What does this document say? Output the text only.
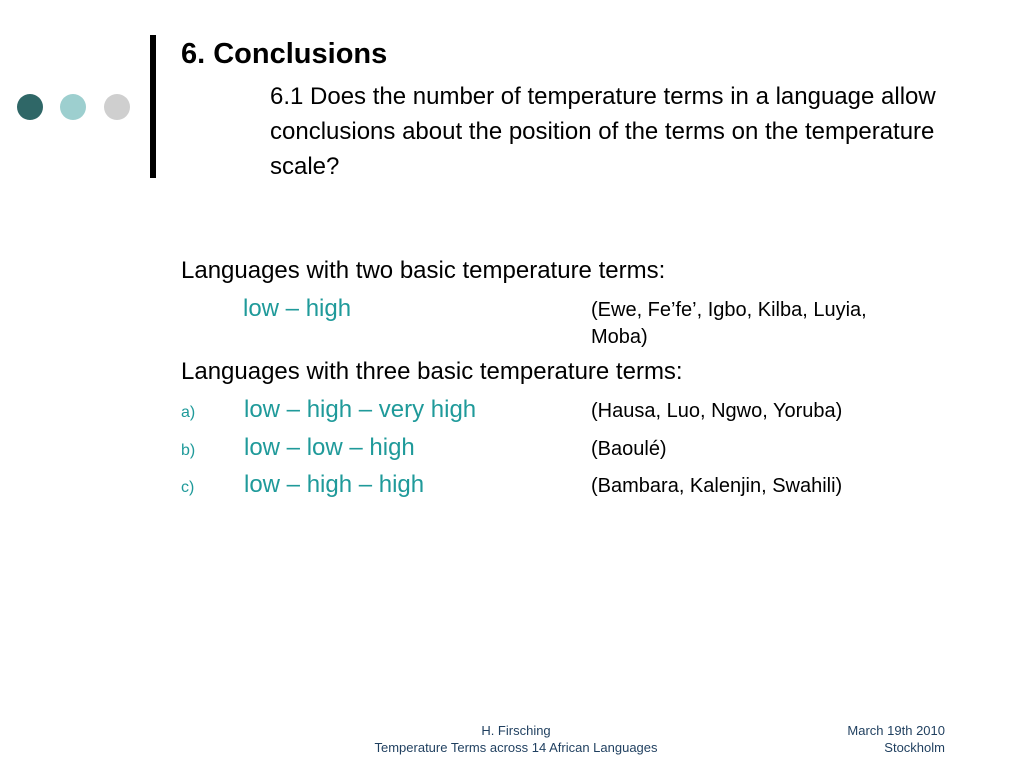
6. Conclusions
6.1 Does the number of temperature terms in a language allow conclusions about the position of the terms on the temperature scale?
Languages with two basic temperature terms:
low – high	(Ewe, Fe’fe’, Igbo, Kilba, Luyia,
Moba)
Languages with three basic temperature terms:
a) low – high – very high	(Hausa, Luo, Ngwo, Yoruba)
b) low – low – high	(Baoulé)
c) low – high – high	(Bambara, Kalenjin, Swahili)
H. Firsching
Temperature Terms across 14 African Languages
March 19th 2010
Stockholm
